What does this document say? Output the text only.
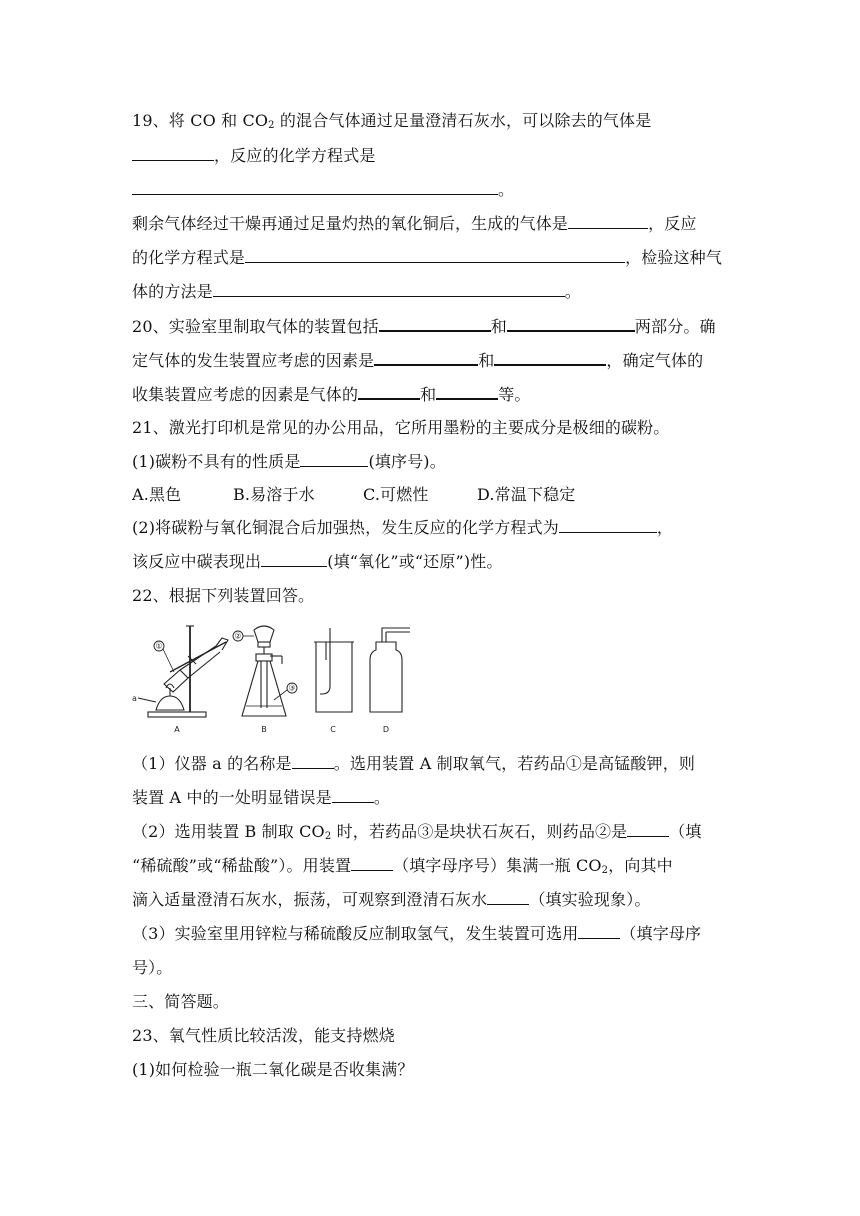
19、将 CO 和 $CO_2$ 的混合气体通过足量澄清石灰水，可以除去的气体是
，反应的化学方程式是
。
剩余气体经过干燥再通过足量灼热的氧化铜后，生成的气体是	，反应
的化学方程式是	，检验这种气
体的方法是	。
20、实验室里制取气体的装置包括	和	两部分。确
定气体的发生装置应考虑的因素是	和	，确定气体的
收集装置应考虑的因素是气体的	和	等。
21、激光打印机是常见的办公用品，它所用墨粉的主要成分是极细的碳粉。
(1)碳粉不具有的性质是	(填序号)。
A.黑色	B.易溶于水	C.可燃性	D.常温下稳定
(2)将碳粉与氧化铜混合后加强热，发生反应的化学方程式为	，
该反应中碳表现出	(填“氧化”或“还原”)性。
22、根据下列装置回答。
①
②
③
a
A	B	C	D
（1）仪器 a 的名称是	。选用装置 A 制取氧气，若药品①是高锰酸钾，则
装置 A 中的一处明显错误是	。
（2）选用装置 B 制取 $CO_2$ 时，若药品③是块状石灰石，则药品②是	（填
“稀硫酸”或“稀盐酸”）。用装置	（填字母序号）集满一瓶 $CO_2$，向其中
滴入适量澄清石灰水，振荡，可观察到澄清石灰水	（填实验现象）。
（3）实验室里用锌粒与稀硫酸反应制取氢气，发生装置可选用	（填字母序
号）。
三、简答题。
23、氧气性质比较活泼，能支持燃烧
(1)如何检验一瓶二氧化碳是否收集满？
